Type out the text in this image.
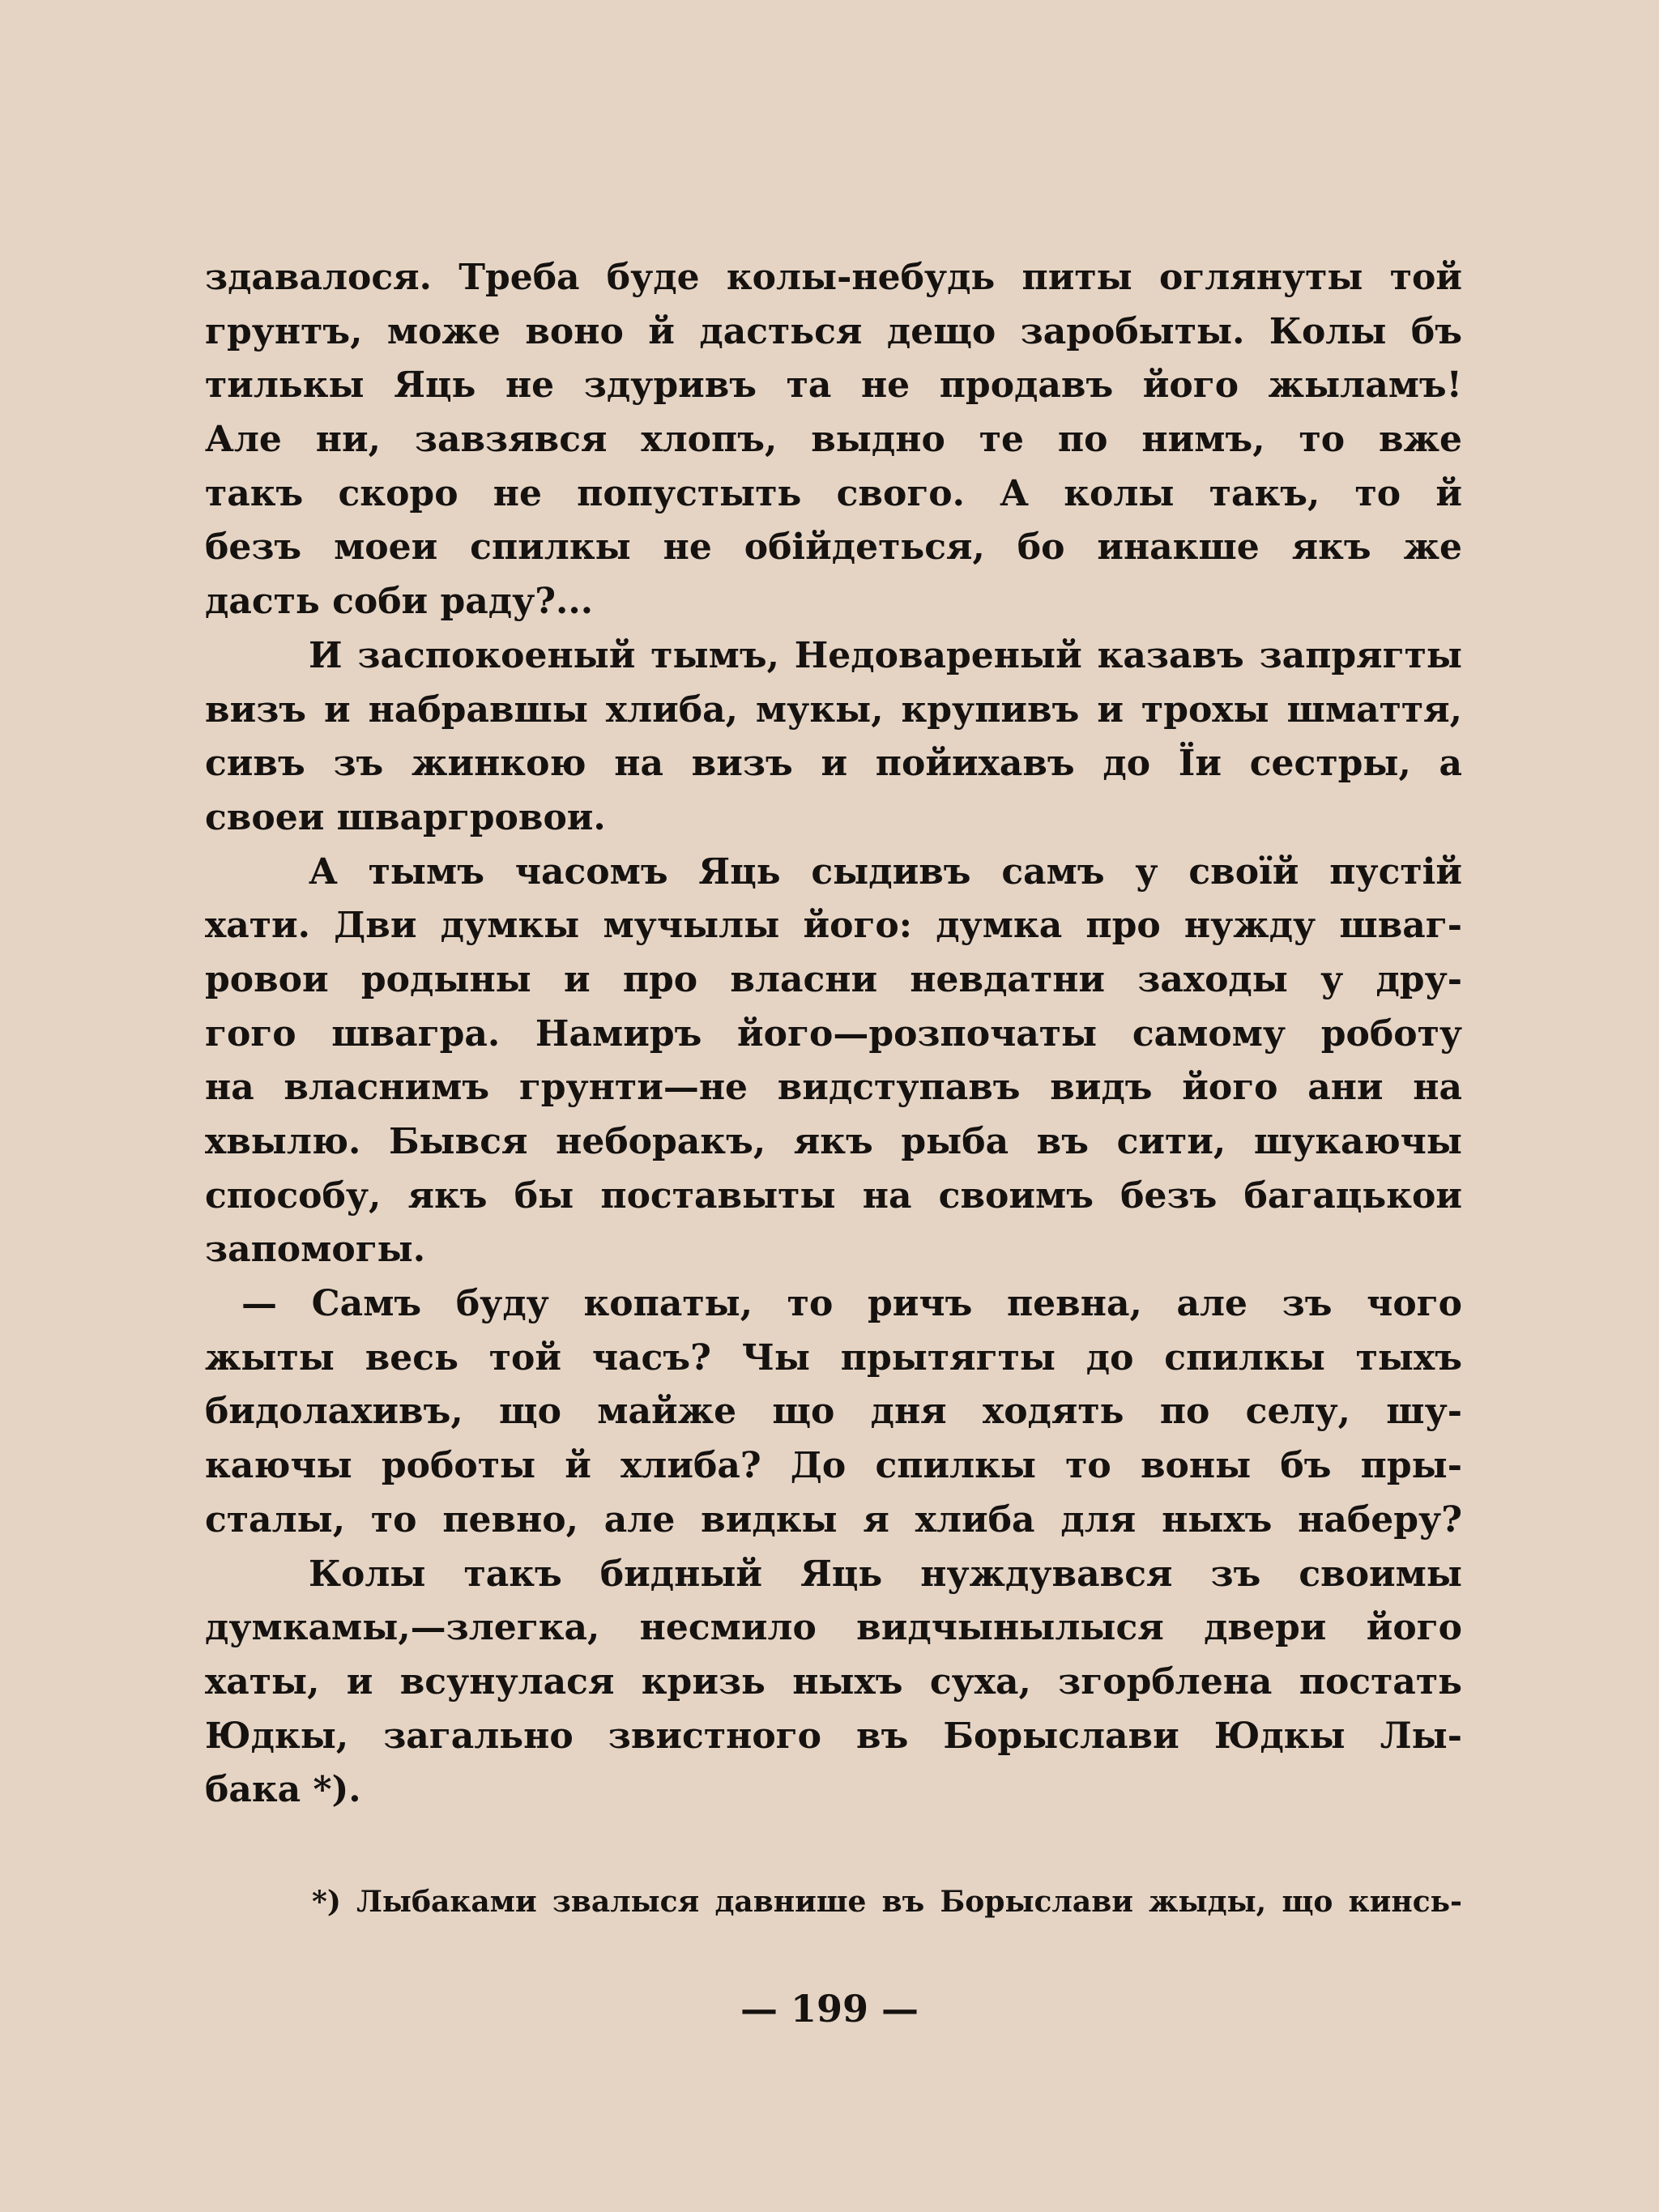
здавалося. Треба буде колы-небудь питы оглянуты той
грунтъ, може воно й дасться дещо заробыты. Колы бъ
тилькы Яць не здуривъ та не продавъ його жыламъ!
Але ни, завзявся хлопъ, выдно те по нимъ, то вже
такъ скоро не попустыть свого. А колы такъ, то й
безъ моеи спилкы не обійдеться, бо инакше якъ же
дасть соби раду?...
И заспокоеный тымъ, Недовареный казавъ запрягты
визъ и набравшы хлиба, мукы, крупивъ и трохы шмаття,
сивъ зъ жинкою на визъ и пойихавъ до Їи сестры, а
своеи шваргровои.
А тымъ часомъ Яць сыдивъ самъ у своїй пустій
хати. Дви думкы мучылы його: думка про нужду шваг-
ровои родыны и про власни невдатни заходы у дру-
гого швагра. Намиръ його—розпочаты самому роботу
на власнимъ грунти—не видступавъ видъ його ани на
хвылю. Бывся неборакъ, якъ рыба въ сити, шукаючы
способу, якъ бы поставыты на своимъ безъ багацькои
запомогы.
— Самъ буду копаты, то ричъ певна, але зъ чого
жыты весь той часъ? Чы прытягты до спилкы тыхъ
бидолахивъ, що майже що дня ходять по селу, шу-
каючы роботы й хлиба? До спилкы то воны бъ пры-
сталы, то певно, але видкы я хлиба для ныхъ наберу?
Колы такъ бидный Яць нуждувався зъ своимы
думкамы,—злегка, несмило видчынылыся двери його
хаты, и всунулася кризь ныхъ суха, згорблена постать
Юдкы, загально звистного въ Борыслави Юдкы Лы-
бака *).
*) Лыбаками звалыся давнише въ Борыслави жыды, що кинсь-
— 199 —
